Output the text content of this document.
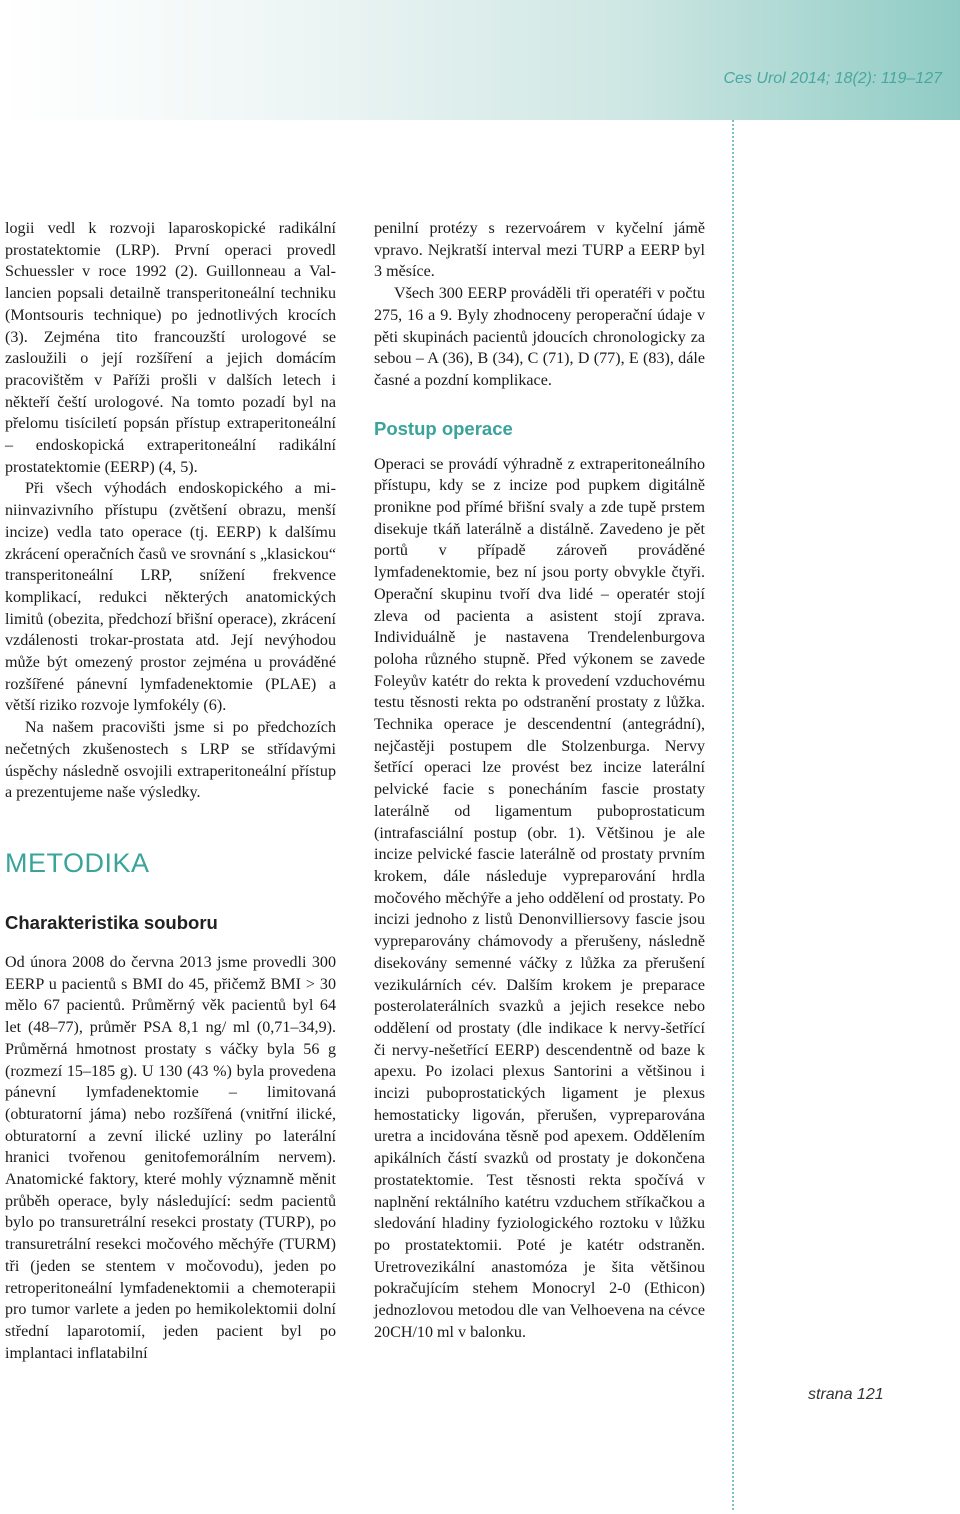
Ces Urol 2014; 18(2): 119–127

logii vedl k rozvoji laparoskopické radikální prostatektomie (LRP). První operaci provedl Schuessler v roce 1992 (2). Guillonneau a Vallancien popsali detailně transperitoneální techniku (Montsouris technique) po jednotlivých krocích (3). Zejména tito francouzští urologové se zasloužili o její rozšíření a jejich domácím pracovištěm v Paříži prošli v dalších letech i někteří čeští urologové. Na tomto pozadí byl na přelomu tisíciletí popsán přístup extraperitoneální – endoskopická extraperitoneální radikální prostatektomie (EERP) (4, 5).

Při všech výhodách endoskopického a miniinvazivního přístupu (zvětšení obrazu, menší incize) vedla tato operace (tj. EERP) k dalšímu zkrácení operačních časů ve srovnání s „klasickou“ transperitoneální LRP, snížení frekvence komplikací, redukci některých anatomických limitů (obezita, předchozí břišní operace), zkrácení vzdálenosti trokar-prostata atd. Její nevýhodou může být omezený prostor zejména u prováděné rozšířené pánevní lymfadenektomie (PLAE) a větší riziko rozvoje lymfokély (6).

Na našem pracovišti jsme si po předchozích nečetných zkušenostech s LRP se střídavými úspěchy následně osvojili extraperitoneální přístup a prezentujeme naše výsledky.

METODIKA
Charakteristika souboru

Od února 2008 do června 2013 jsme provedli 300 EERP u pacientů s BMI do 45, přičemž BMI > 30 mělo 67 pacientů. Průměrný věk pacientů byl 64 let (48–77), průměr PSA 8,1 ng/ ml (0,71–34,9). Průměrná hmotnost prostaty s váčky byla 56 g (rozmezí 15–185 g). U 130 (43 %) byla provedena pánevní lymfadenektomie – limitovaná (obturatorní jáma) nebo rozšířená (vnitřní ilické, obturatorní a zevní ilické uzliny po laterální hranici tvořenou genitofemorálním nervem). Anatomické faktory, které mohly významně měnit průběh operace, byly následující: sedm pacientů bylo po transuretrální resekci prostaty (TURP), po transuretrální resekci močového měchýře (TURM) tři (jeden se stentem v močovodu), jeden po retroperitoneální lymfadenektomii a chemoterapii pro tumor varlete a jeden po hemikolektomii dolní střední laparotomií, jeden pacient byl po implantaci inflatabilní

penilní protézy s rezervoárem v kyčelní jámě vpravo. Nejkratší interval mezi TURP a EERP byl 3 měsíce.

Všech 300 EERP prováděli tři operatéři v počtu 275, 16 a 9. Byly zhodnoceny peroperační údaje v pěti skupinách pacientů jdoucích chronologicky za sebou – A (36), B (34), C (71), D (77), E (83), dále časné a pozdní komplikace.

Postup operace

Operaci se provádí výhradně z extraperitoneálního přístupu, kdy se z incize pod pupkem digitálně pronikne pod přímé břišní svaly a zde tupě prstem disekuje tkáň laterálně a distálně. Zavedeno je pět portů v případě zároveň prováděné lymfadenektomie, bez ní jsou porty obvykle čtyři. Operační skupinu tvoří dva lidé – operatér stojí zleva od pacienta a asistent stojí zprava. Individuálně je nastavena Trendelenburgova poloha různého stupně. Před výkonem se zavede Foleyův katétr do rekta k provedení vzduchovému testu těsnosti rekta po odstranění prostaty z lůžka. Technika operace je descendentní (antegrádní), nejčastěji postupem dle Stolzenburga. Nervy šetřící operaci lze provést bez incize laterální pelvické facie s ponecháním fascie prostaty laterálně od ligamentum puboprostaticum (intrafasciální postup (obr. 1). Většinou je ale incize pelvické fascie laterálně od prostaty prvním krokem, dále následuje vypreparování hrdla močového měchýře a jeho oddělení od prostaty. Po incizi jednoho z listů Denonvilliersovy fascie jsou vypreparovány chámovody a přerušeny, následně disekovány semenné váčky z lůžka za přerušení vezikulárních cév. Dalším krokem je preparace posterolaterálních svazků a jejich resekce nebo oddělení od prostaty (dle indikace k nervy-šetřící či nervy-nešetřící EERP) descendentně od baze k apexu. Po izolaci plexus Santorini a většinou i incizi puboprostatických ligament je plexus hemostaticky ligován, přerušen, vypreparována uretra a incidována těsně pod apexem. Oddělením apikálních částí svazků od prostaty je dokončena prostatektomie. Test těsnosti rekta spočívá v naplnění rektálního katétru vzduchem stříkačkou a sledování hladiny fyziologického roztoku v lůžku po prostatektomii. Poté je katétr odstraněn. Uretrovezikální anastomóza je šita většinou pokračujícím stehem Monocryl 2-0 (Ethicon) jednozlovou metodou dle van Velhoevena na cévce 20CH/10 ml v balonku.

strana 121
